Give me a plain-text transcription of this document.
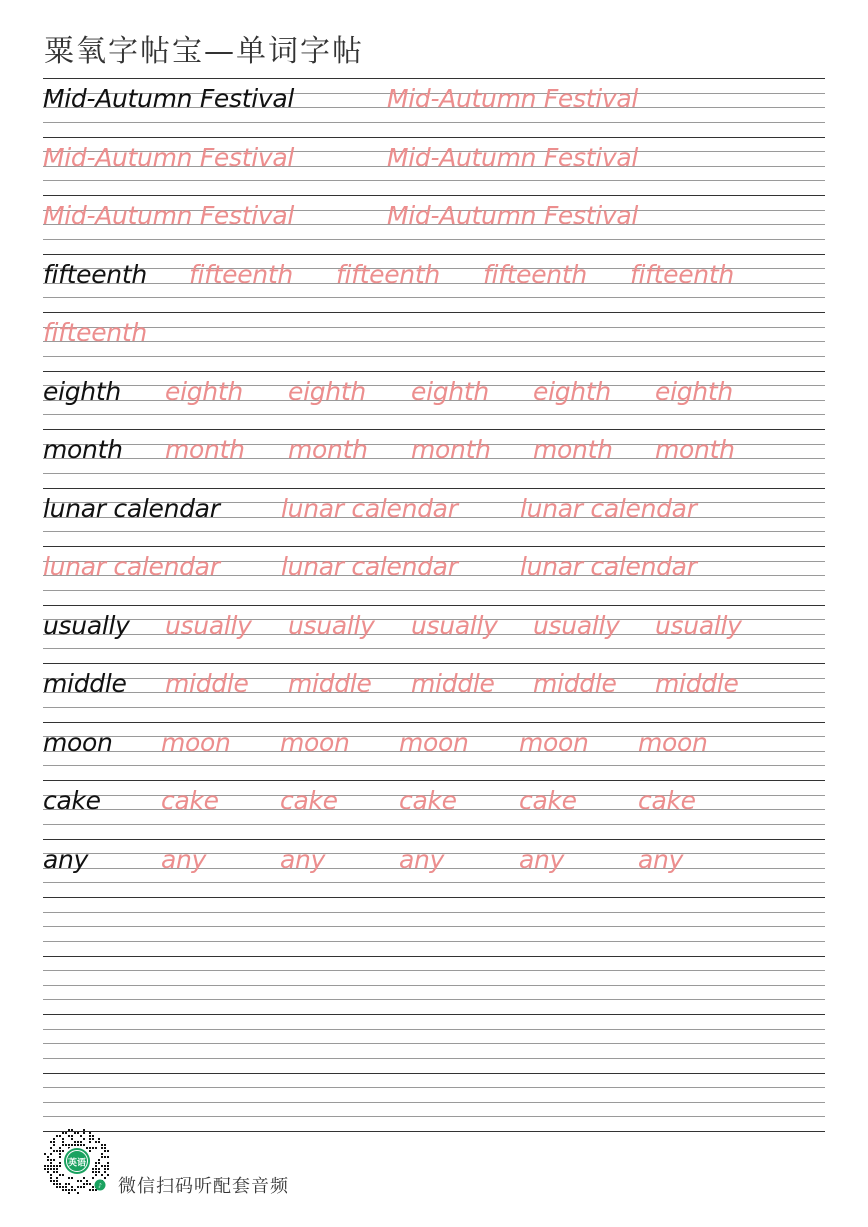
粟氧字帖宝—单词字帖
Mid-Autumn Festival	Mid-Autumn Festival
Mid-Autumn Festival	Mid-Autumn Festival
Mid-Autumn Festival	Mid-Autumn Festival
fifteenth fifteenth fifteenth fifteenth fifteenth
fifteenth
eighth eighth eighth eighth eighth eighth
month month month month month month
lunar calendar lunar calendar lunar calendar
lunar calendar lunar calendar lunar calendar
usually usually usually usually usually usually
middle middle middle middle middle middle
moon moon moon moon moon moon
cake cake cake cake cake cake
any	any	any	any	any	any
英语
♪ 微信扫码听配套音频
